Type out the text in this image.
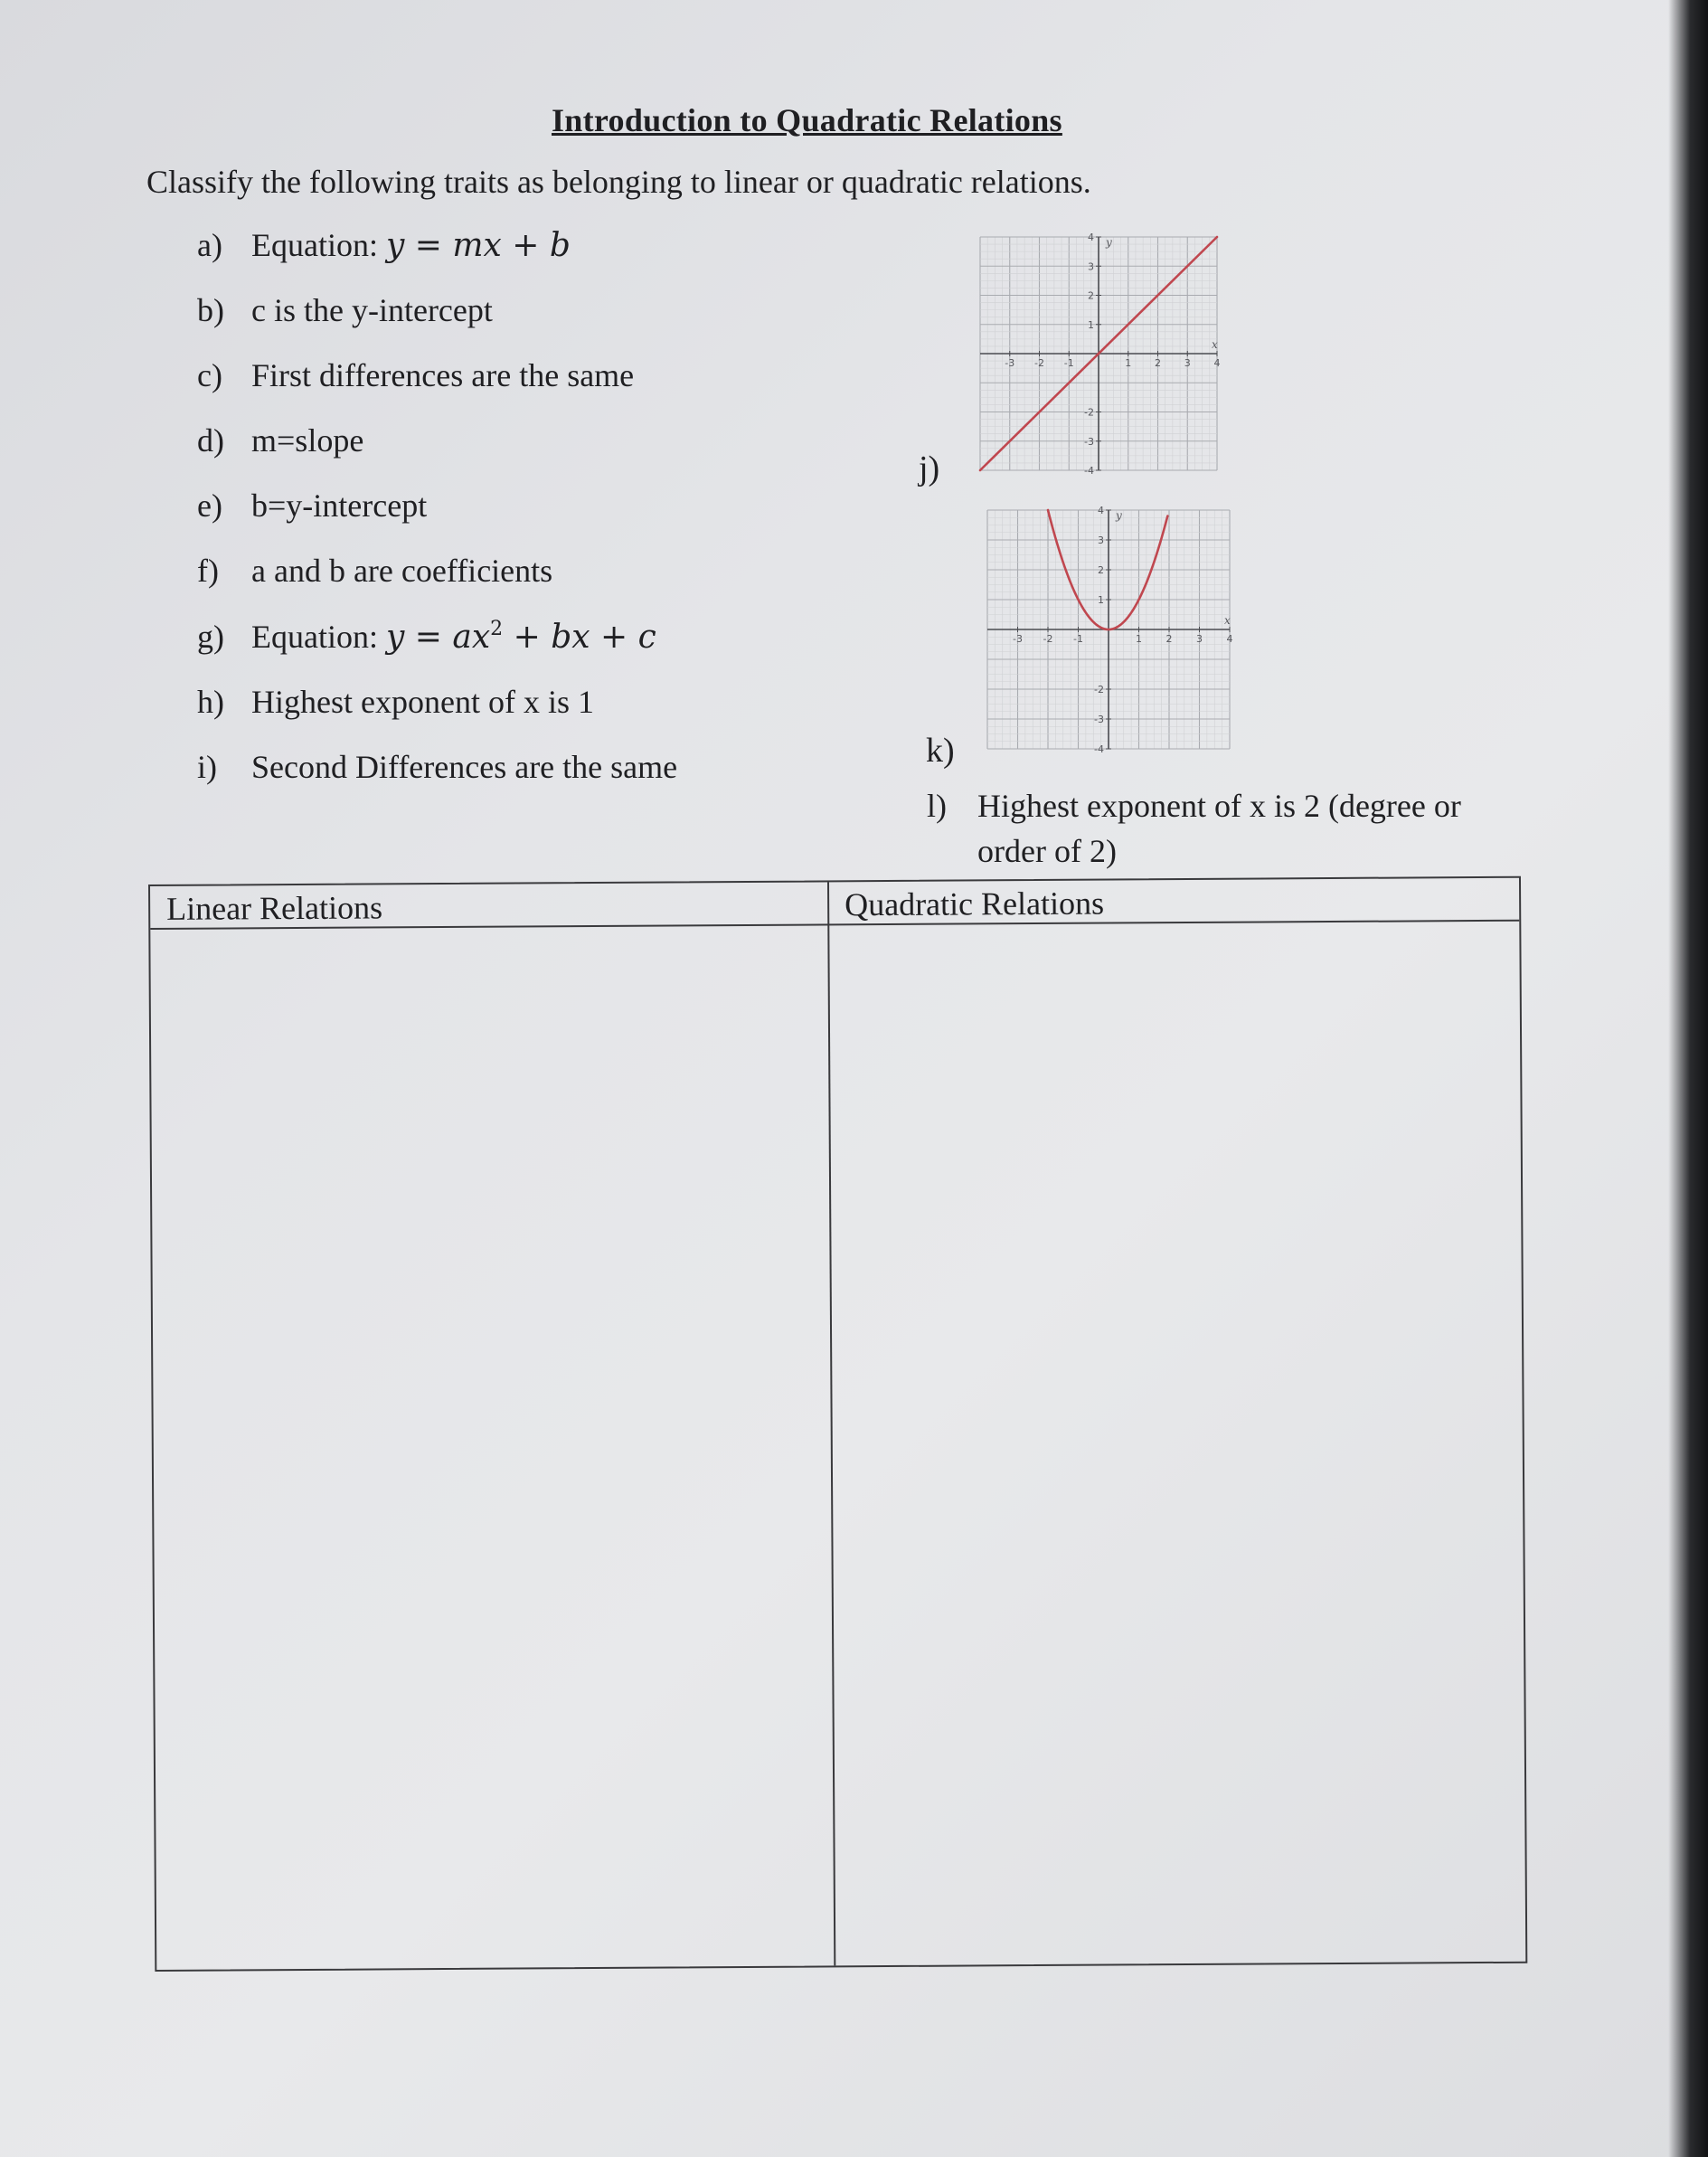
Introduction to Quadratic Relations
Classify the following traits as belonging to linear or quadratic relations.
a) Equation: y = mx + b
b) c is the y-intercept
c) First differences are the same
d) m=slope
e) b=y-intercept
f) a and b are coefficients
g) Equation: $y = ax^2$ + bx + c
h) Highest exponent of x is 1
i) Second Differences are the same
j)
-3 -2 -1	1 2 3 4
4
3
2
1
-2
-3
-4
x
y
k)
-3 -2 -1	1 2 3 4
4
3
2
1
-2
-3
-4
x
y
l) Highest exponent of x is 2 (degree or order of 2)
Linear Relations	Quadratic Relations
